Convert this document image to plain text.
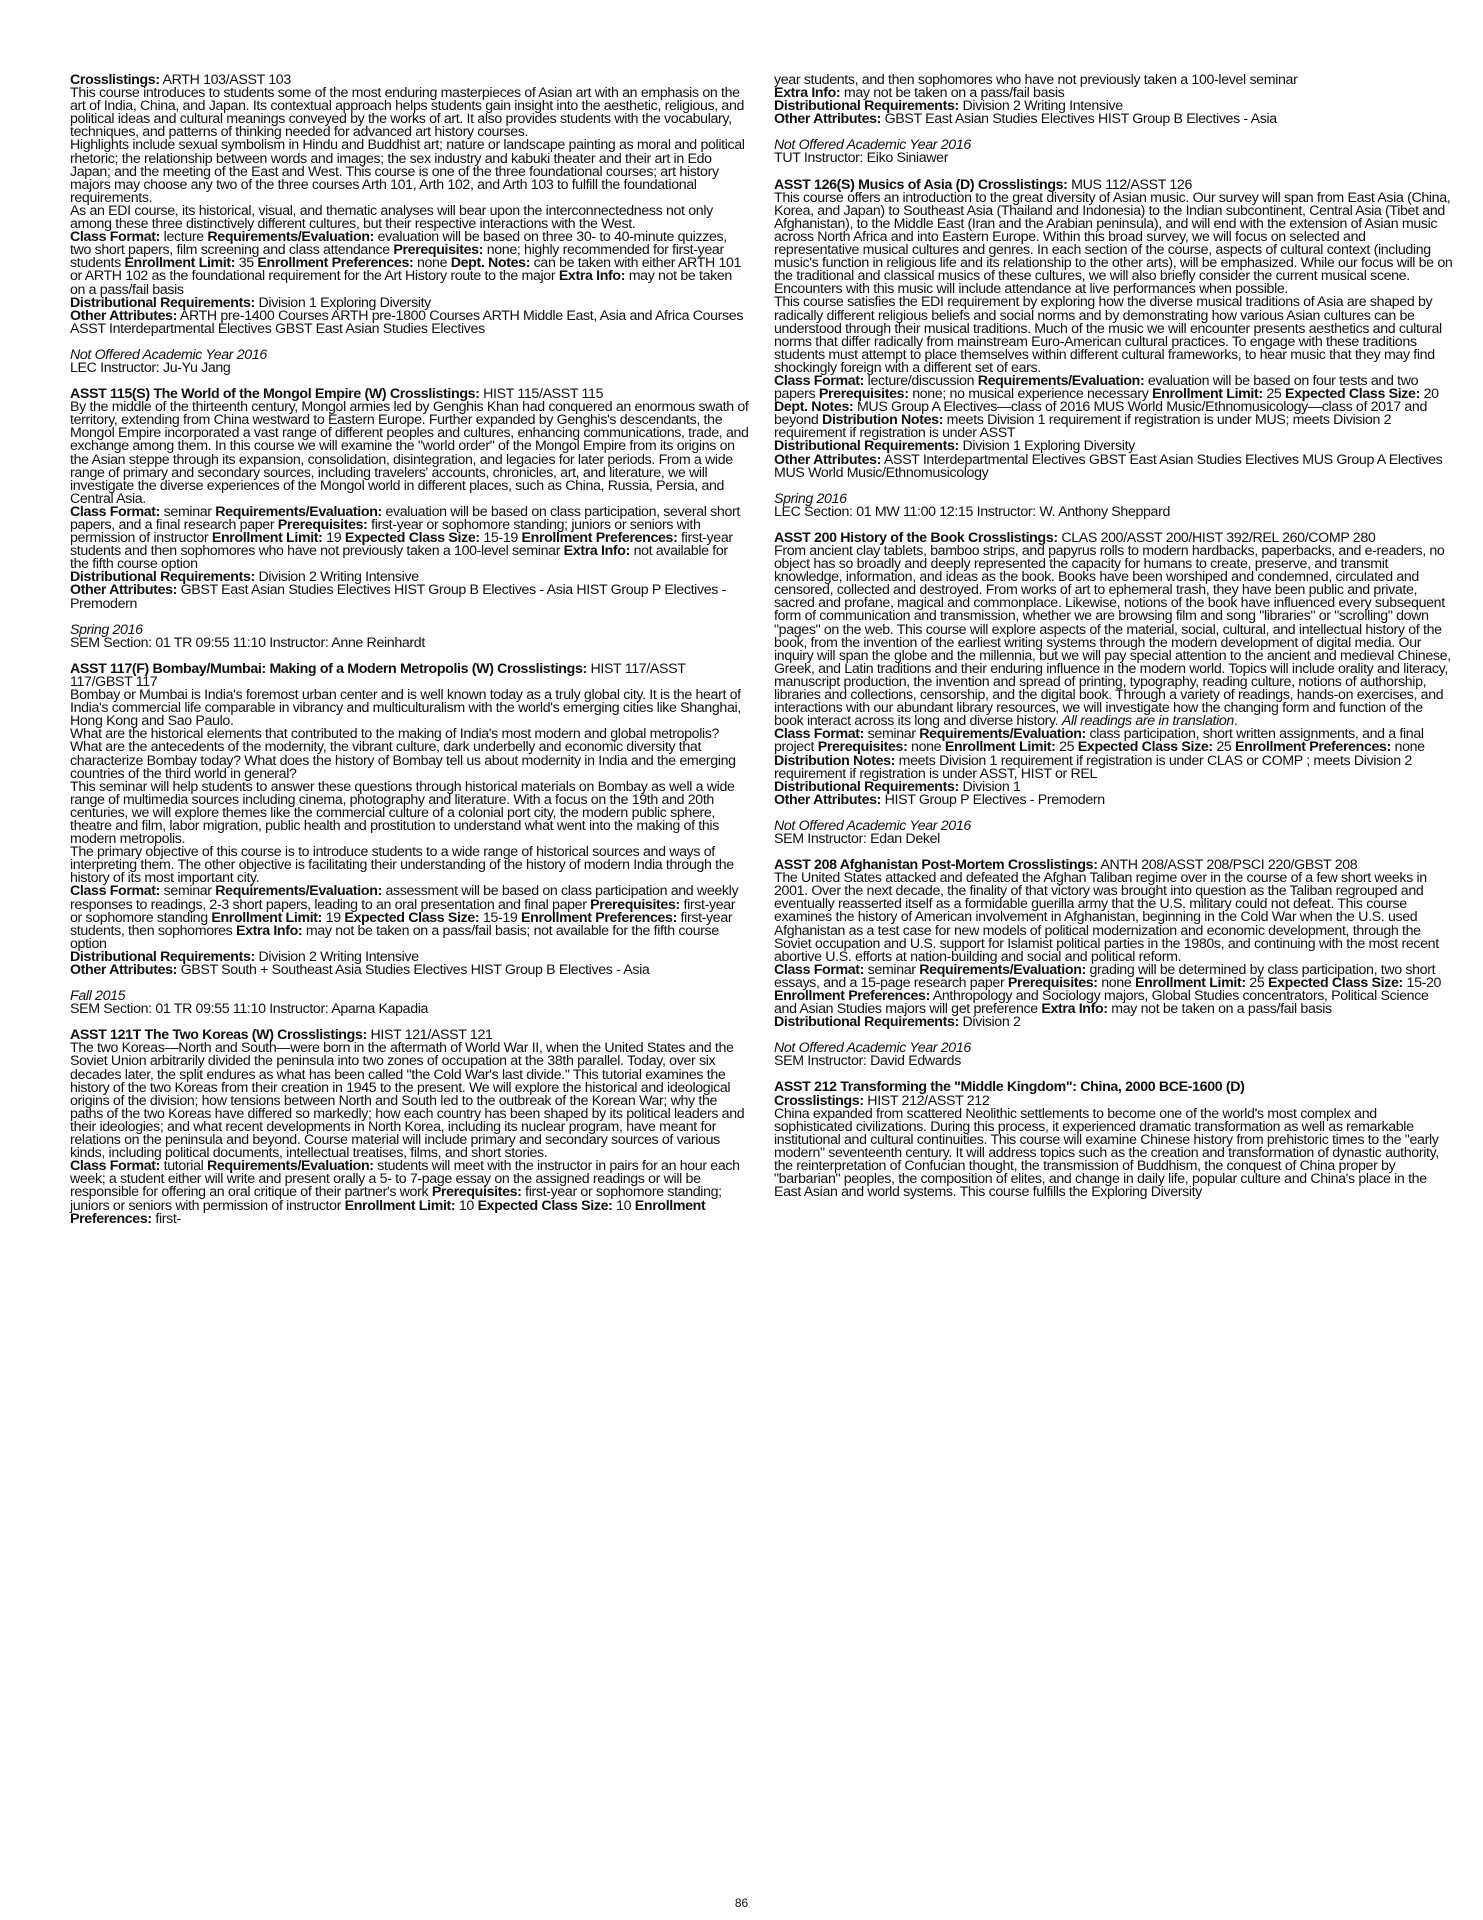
Crosslistings: ARTH 103/ASST 103

This course introduces to students some of the most enduring masterpieces of Asian art with an emphasis on the art of India, China, and Japan. Its contextual approach helps students gain insight into the aesthetic, religious, and political ideas and cultural meanings conveyed by the works of art. It also provides students with the vocabulary, techniques, and patterns of thinking needed for advanced art history courses.

Highlights include sexual symbolism in Hindu and Buddhist art; nature or landscape painting as moral and political rhetoric; the relationship between words and images; the sex industry and kabuki theater and their art in Edo Japan; and the meeting of the East and West. This course is one of the three foundational courses; art history majors may choose any two of the three courses Arth 101, Arth 102, and Arth 103 to fulfill the foundational requirements.

As an EDI course, its historical, visual, and thematic analyses will bear upon the interconnectedness not only among these three distinctively different cultures, but their respective interactions with the West.

Class Format: lecture Requirements/Evaluation: evaluation will be based on three 30- to 40-minute quizzes, two short papers, film screening and class attendance Prerequisites: none; highly recommended for first-year students Enrollment Limit: 35 Enrollment Preferences: none Dept. Notes: can be taken with either ARTH 101 or ARTH 102 as the foundational requirement for the Art History route to the major Extra Info: may not be taken on a pass/fail basis

Distributional Requirements: Division 1 Exploring Diversity

Other Attributes: ARTH pre-1400 Courses ARTH pre-1800 Courses ARTH Middle East, Asia and Africa Courses ASST Interdepartmental Electives GBST East Asian Studies Electives

Not Offered Academic Year 2016

LEC Instructor: Ju-Yu Jang

ASST 115(S) The World of the Mongol Empire (W) Crosslistings: HIST 115/ASST 115

By the middle of the thirteenth century, Mongol armies led by Genghis Khan had conquered an enormous swath of territory, extending from China westward to Eastern Europe. Further expanded by Genghis's descendants, the Mongol Empire incorporated a vast range of different peoples and cultures, enhancing communications, trade, and exchange among them. In this course we will examine the "world order" of the Mongol Empire from its origins on the Asian steppe through its expansion, consolidation, disintegration, and legacies for later periods. From a wide range of primary and secondary sources, including travelers' accounts, chronicles, art, and literature, we will investigate the diverse experiences of the Mongol world in different places, such as China, Russia, Persia, and Central Asia.

Class Format: seminar Requirements/Evaluation: evaluation will be based on class participation, several short papers, and a final research paper Prerequisites: first-year or sophomore standing; juniors or seniors with permission of instructor Enrollment Limit: 19 Expected Class Size: 15-19 Enrollment Preferences: first-year students and then sophomores who have not previously taken a 100-level seminar Extra Info: not available for the fifth course option

Distributional Requirements: Division 2 Writing Intensive

Other Attributes: GBST East Asian Studies Electives HIST Group B Electives - Asia HIST Group P Electives - Premodern

Spring 2016

SEM Section: 01 TR 09:55 11:10 Instructor: Anne Reinhardt

ASST 117(F) Bombay/Mumbai: Making of a Modern Metropolis (W) Crosslistings: HIST 117/ASST 117/GBST 117

Bombay or Mumbai is India's foremost urban center and is well known today as a truly global city. It is the heart of India's commercial life comparable in vibrancy and multiculturalism with the world's emerging cities like Shanghai, Hong Kong and Sao Paulo.

What are the historical elements that contributed to the making of India's most modern and global metropolis? What are the antecedents of the modernity, the vibrant culture, dark underbelly and economic diversity that characterize Bombay today? What does the history of Bombay tell us about modernity in India and the emerging countries of the third world in general?

This seminar will help students to answer these questions through historical materials on Bombay as well a wide range of multimedia sources including cinema, photography and literature. With a focus on the 19th and 20th centuries, we will explore themes like the commercial culture of a colonial port city, the modern public sphere, theatre and film, labor migration, public health and prostitution to understand what went into the making of this modern metropolis.

The primary objective of this course is to introduce students to a wide range of historical sources and ways of interpreting them. The other objective is facilitating their understanding of the history of modern India through the history of its most important city.

Class Format: seminar Requirements/Evaluation: assessment will be based on class participation and weekly responses to readings, 2-3 short papers, leading to an oral presentation and final paper Prerequisites: first-year or sophomore standing Enrollment Limit: 19 Expected Class Size: 15-19 Enrollment Preferences: first-year students, then sophomores Extra Info: may not be taken on a pass/fail basis; not available for the fifth course option

Distributional Requirements: Division 2 Writing Intensive

Other Attributes: GBST South + Southeast Asia Studies Electives HIST Group B Electives - Asia

Fall 2015

SEM Section: 01 TR 09:55 11:10 Instructor: Aparna Kapadia

ASST 121T The Two Koreas (W) Crosslistings: HIST 121/ASST 121

The two Koreas—North and South—were born in the aftermath of World War II, when the United States and the Soviet Union arbitrarily divided the peninsula into two zones of occupation at the 38th parallel. Today, over six decades later, the split endures as what has been called "the Cold War's last divide." This tutorial examines the history of the two Koreas from their creation in 1945 to the present. We will explore the historical and ideological origins of the division; how tensions between North and South led to the outbreak of the Korean War; why the paths of the two Koreas have differed so markedly; how each country has been shaped by its political leaders and their ideologies; and what recent developments in North Korea, including its nuclear program, have meant for relations on the peninsula and beyond. Course material will include primary and secondary sources of various kinds, including political documents, intellectual treatises, films, and short stories.

Class Format: tutorial Requirements/Evaluation: students will meet with the instructor in pairs for an hour each week; a student either will write and present orally a 5- to 7-page essay on the assigned readings or will be responsible for offering an oral critique of their partner's work Prerequisites: first-year or sophomore standing; juniors or seniors with permission of instructor Enrollment Limit: 10 Expected Class Size: 10 Enrollment Preferences: first-

year students, and then sophomores who have not previously taken a 100-level seminar

Extra Info: may not be taken on a pass/fail basis

Distributional Requirements: Division 2 Writing Intensive

Other Attributes: GBST East Asian Studies Electives HIST Group B Electives - Asia

Not Offered Academic Year 2016

TUT Instructor: Eiko Siniawer

ASST 126(S) Musics of Asia (D) Crosslistings: MUS 112/ASST 126

This course offers an introduction to the great diversity of Asian music. Our survey will span from East Asia (China, Korea, and Japan) to Southeast Asia (Thailand and Indonesia) to the Indian subcontinent, Central Asia (Tibet and Afghanistan), to the Middle East (Iran and the Arabian peninsula), and will end with the extension of Asian music across North Africa and into Eastern Europe. Within this broad survey, we will focus on selected and representative musical cultures and genres. In each section of the course, aspects of cultural context (including music's function in religious life and its relationship to the other arts), will be emphasized. While our focus will be on the traditional and classical musics of these cultures, we will also briefly consider the current musical scene. Encounters with this music will include attendance at live performances when possible.

This course satisfies the EDI requirement by exploring how the diverse musical traditions of Asia are shaped by radically different religious beliefs and social norms and by demonstrating how various Asian cultures can be understood through their musical traditions. Much of the music we will encounter presents aesthetics and cultural norms that differ radically from mainstream Euro-American cultural practices. To engage with these traditions students must attempt to place themselves within different cultural frameworks, to hear music that they may find shockingly foreign with a different set of ears.

Class Format: lecture/discussion Requirements/Evaluation: evaluation will be based on four tests and two papers Prerequisites: none; no musical experience necessary Enrollment Limit: 25 Expected Class Size: 20 Dept. Notes: MUS Group A Electives—class of 2016 MUS World Music/Ethnomusicology—class of 2017 and beyond Distribution Notes: meets Division 1 requirement if registration is under MUS; meets Division 2 requirement if registration is under ASST

Distributional Requirements: Division 1 Exploring Diversity

Other Attributes: ASST Interdepartmental Electives GBST East Asian Studies Electives MUS Group A Electives MUS World Music/Ethnomusicology

Spring 2016

LEC Section: 01 MW 11:00 12:15 Instructor: W. Anthony Sheppard

ASST 200 History of the Book Crosslistings: CLAS 200/ASST 200/HIST 392/REL 260/COMP 280

From ancient clay tablets, bamboo strips, and papyrus rolls to modern hardbacks, paperbacks, and e-readers, no object has so broadly and deeply represented the capacity for humans to create, preserve, and transmit knowledge, information, and ideas as the book. Books have been worshiped and condemned, circulated and censored, collected and destroyed. From works of art to ephemeral trash, they have been public and private, sacred and profane, magical and commonplace. Likewise, notions of the book have influenced every subsequent form of communication and transmission, whether we are browsing film and song "libraries" or "scrolling" down "pages" on the web. This course will explore aspects of the material, social, cultural, and intellectual history of the book, from the invention of the earliest writing systems through the modern development of digital media. Our inquiry will span the globe and the millennia, but we will pay special attention to the ancient and medieval Chinese, Greek, and Latin traditions and their enduring influence in the modern world. Topics will include orality and literacy, manuscript production, the invention and spread of printing, typography, reading culture, notions of authorship, libraries and collections, censorship, and the digital book. Through a variety of readings, hands-on exercises, and interactions with our abundant library resources, we will investigate how the changing form and function of the book interact across its long and diverse history. All readings are in translation.

Class Format: seminar Requirements/Evaluation: class participation, short written assignments, and a final project Prerequisites: none Enrollment Limit: 25 Expected Class Size: 25 Enrollment Preferences: none Distribution Notes: meets Division 1 requirement if registration is under CLAS or COMP ; meets Division 2 requirement if registration is under ASST, HIST or REL

Distributional Requirements: Division 1

Other Attributes: HIST Group P Electives - Premodern

Not Offered Academic Year 2016

SEM Instructor: Edan Dekel

ASST 208 Afghanistan Post-Mortem Crosslistings: ANTH 208/ASST 208/PSCI 220/GBST 208

The United States attacked and defeated the Afghan Taliban regime over in the course of a few short weeks in 2001. Over the next decade, the finality of that victory was brought into question as the Taliban regrouped and eventually reasserted itself as a formidable guerilla army that the U.S. military could not defeat. This course examines the history of American involvement in Afghanistan, beginning in the Cold War when the U.S. used Afghanistan as a test case for new models of political modernization and economic development, through the Soviet occupation and U.S. support for Islamist political parties in the 1980s, and continuing with the most recent abortive U.S. efforts at nation-building and social and political reform.

Class Format: seminar Requirements/Evaluation: grading will be determined by class participation, two short essays, and a 15-page research paper Prerequisites: none Enrollment Limit: 25 Expected Class Size: 15-20 Enrollment Preferences: Anthropology and Sociology majors, Global Studies concentrators, Political Science and Asian Studies majors will get preference Extra Info: may not be taken on a pass/fail basis

Distributional Requirements: Division 2

Not Offered Academic Year 2016

SEM Instructor: David Edwards

ASST 212 Transforming the "Middle Kingdom": China, 2000 BCE-1600 (D)

Crosslistings: HIST 212/ASST 212

China expanded from scattered Neolithic settlements to become one of the world's most complex and sophisticated civilizations. During this process, it experienced dramatic transformation as well as remarkable institutional and cultural continuities. This course will examine Chinese history from prehistoric times to the "early modern" seventeenth century. It will address topics such as the creation and transformation of dynastic authority, the reinterpretation of Confucian thought, the transmission of Buddhism, the conquest of China proper by "barbarian" peoples, the composition of elites, and change in daily life, popular culture and China's place in the East Asian and world systems. This course fulfills the Exploring Diversity

86
